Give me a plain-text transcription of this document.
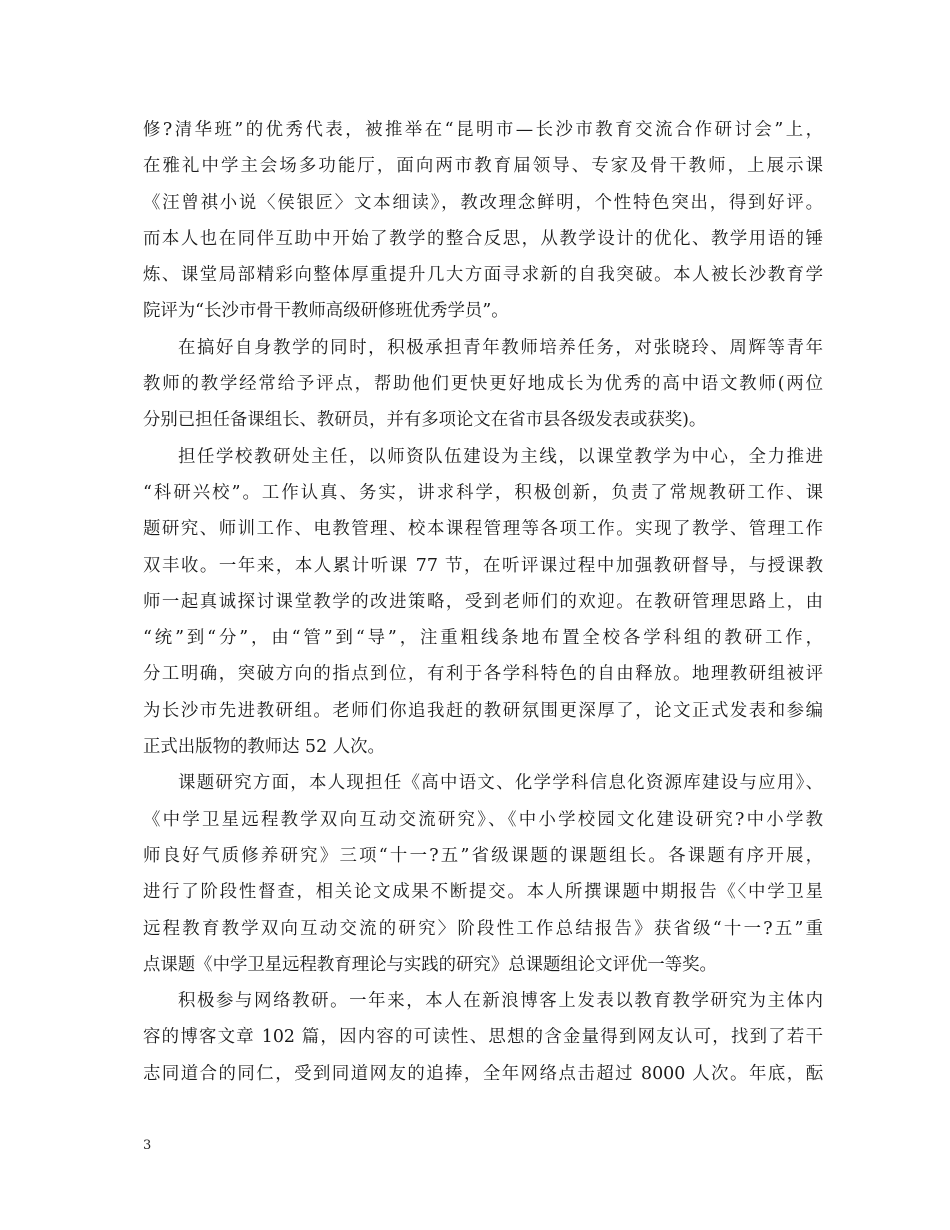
修?清华班”的优秀代表，被推举在“昆明市—长沙市教育交流合作研讨会”上，
在雅礼中学主会场多功能厅，面向两市教育届领导、专家及骨干教师，上展示课
《汪曾祺小说〈侯银匠〉文本细读》，教改理念鲜明，个性特色突出，得到好评。
而本人也在同伴互助中开始了教学的整合反思，从教学设计的优化、教学用语的锤
炼、课堂局部精彩向整体厚重提升几大方面寻求新的自我突破。本人被长沙教育学
院评为“长沙市骨干教师高级研修班优秀学员”。
在搞好自身教学的同时，积极承担青年教师培养任务，对张晓玲、周辉等青年
教师的教学经常给予评点，帮助他们更快更好地成长为优秀的高中语文教师(两位
分别已担任备课组长、教研员，并有多项论文在省市县各级发表或获奖)。
担任学校教研处主任，以师资队伍建设为主线，以课堂教学为中心，全力推进
“科研兴校”。工作认真、务实，讲求科学，积极创新，负责了常规教研工作、课
题研究、师训工作、电教管理、校本课程管理等各项工作。实现了教学、管理工作
双丰收。一年来，本人累计听课 77 节，在听评课过程中加强教研督导，与授课教
师一起真诚探讨课堂教学的改进策略，受到老师们的欢迎。在教研管理思路上，由
“统”到“分”，由“管”到“导”，注重粗线条地布置全校各学科组的教研工作，
分工明确，突破方向的指点到位，有利于各学科特色的自由释放。地理教研组被评
为长沙市先进教研组。老师们你追我赶的教研氛围更深厚了，论文正式发表和参编
正式出版物的教师达 52 人次。
课题研究方面，本人现担任《高中语文、化学学科信息化资源库建设与应用》、
《中学卫星远程教学双向互动交流研究》、《中小学校园文化建设研究?中小学教
师良好气质修养研究》三项“十一?五”省级课题的课题组长。各课题有序开展，
进行了阶段性督查，相关论文成果不断提交。本人所撰课题中期报告《〈中学卫星
远程教育教学双向互动交流的研究〉阶段性工作总结报告》获省级“十一?五”重
点课题《中学卫星远程教育理论与实践的研究》总课题组论文评优一等奖。
积极参与网络教研。一年来，本人在新浪博客上发表以教育教学研究为主体内
容的博客文章 102 篇，因内容的可读性、思想的含金量得到网友认可，找到了若干
志同道合的同仁，受到同道网友的追捧，全年网络点击超过 8000 人次。年底，酝
3
